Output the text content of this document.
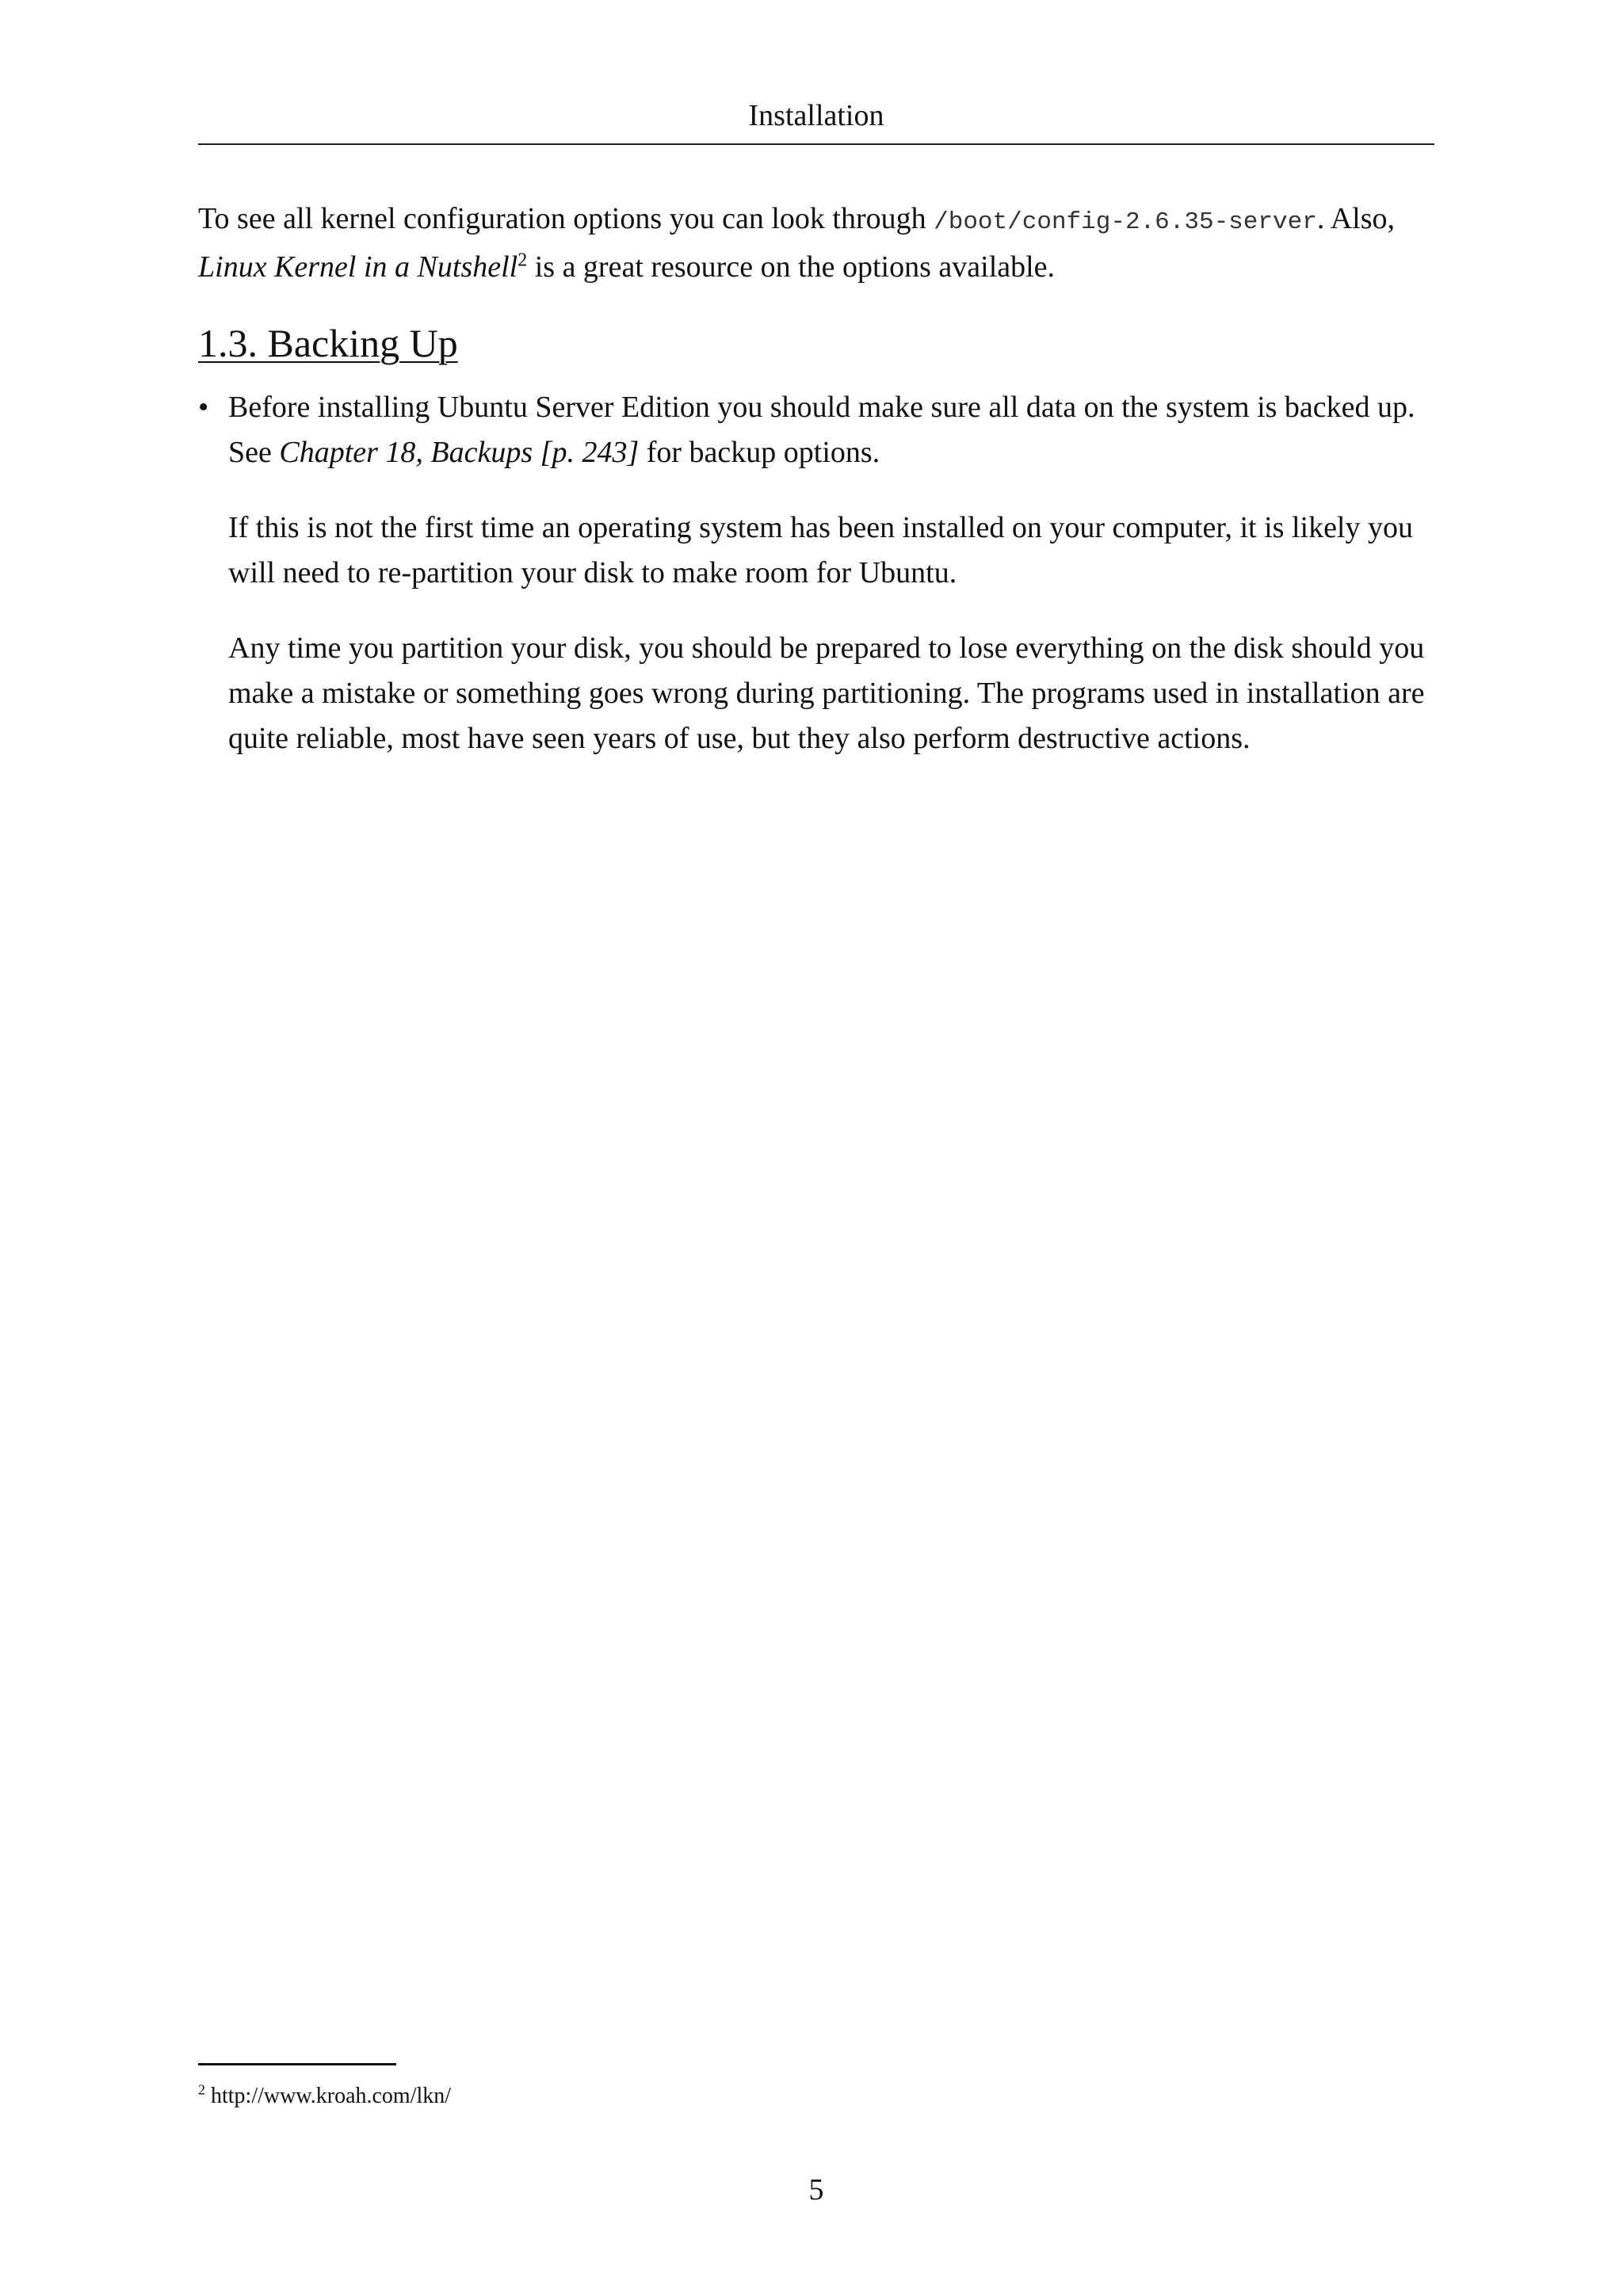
Installation

To see all kernel configuration options you can look through /boot/config-2.6.35-server. Also, Linux Kernel in a Nutshell$^2$ is a great resource on the options available.

1.3. Backing Up
• Before installing Ubuntu Server Edition you should make sure all data on the system is backed up. See Chapter 18, Backups [p. 243] for backup options.

If this is not the first time an operating system has been installed on your computer, it is likely you will need to re-partition your disk to make room for Ubuntu.

Any time you partition your disk, you should be prepared to lose everything on the disk should you make a mistake or something goes wrong during partitioning. The programs used in installation are quite reliable, most have seen years of use, but they also perform destructive actions.

$^2$ http://www.kroah.com/lkn/
5
